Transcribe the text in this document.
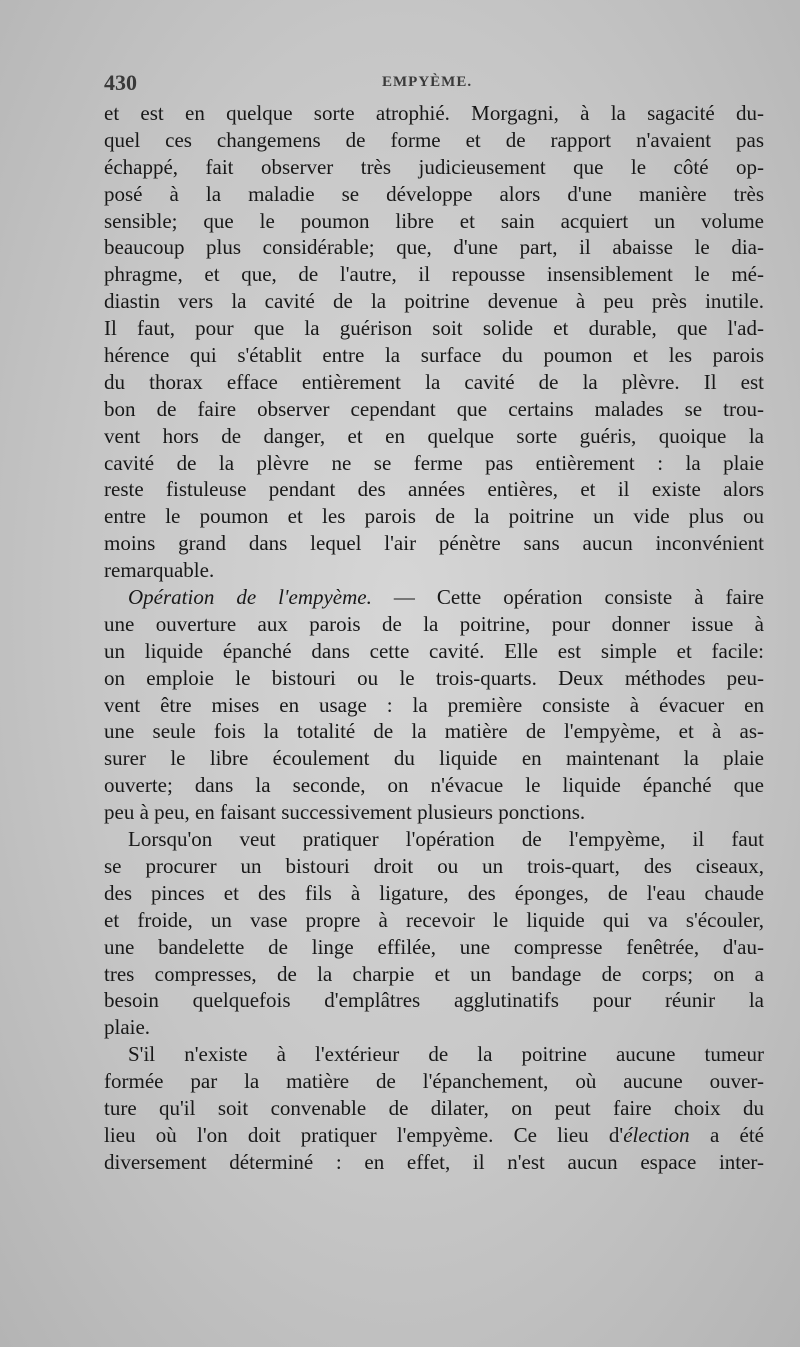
430	EMPYÈME.
et est en quelque sorte atrophié. Morgagni, à la sagacité du-
quel ces changemens de forme et de rapport n'avaient pas
échappé, fait observer très judicieusement que le côté op-
posé à la maladie se développe alors d'une manière très
sensible; que le poumon libre et sain acquiert un volume
beaucoup plus considérable; que, d'une part, il abaisse le dia-
phragme, et que, de l'autre, il repousse insensiblement le mé-
diastin vers la cavité de la poitrine devenue à peu près inutile.
Il faut, pour que la guérison soit solide et durable, que l'ad-
hérence qui s'établit entre la surface du poumon et les parois
du thorax efface entièrement la cavité de la plèvre. Il est
bon de faire observer cependant que certains malades se trou-
vent hors de danger, et en quelque sorte guéris, quoique la
cavité de la plèvre ne se ferme pas entièrement : la plaie
reste fistuleuse pendant des années entières, et il existe alors
entre le poumon et les parois de la poitrine un vide plus ou
moins grand dans lequel l'air pénètre sans aucun inconvénient
remarquable.
Opération de l'empyème. — Cette opération consiste à faire
une ouverture aux parois de la poitrine, pour donner issue à
un liquide épanché dans cette cavité. Elle est simple et facile:
on emploie le bistouri ou le trois-quarts. Deux méthodes peu-
vent être mises en usage : la première consiste à évacuer en
une seule fois la totalité de la matière de l'empyème, et à as-
surer le libre écoulement du liquide en maintenant la plaie
ouverte; dans la seconde, on n'évacue le liquide épanché que
peu à peu, en faisant successivement plusieurs ponctions.
Lorsqu'on veut pratiquer l'opération de l'empyème, il faut
se procurer un bistouri droit ou un trois-quart, des ciseaux,
des pinces et des fils à ligature, des éponges, de l'eau chaude
et froide, un vase propre à recevoir le liquide qui va s'écouler,
une bandelette de linge effilée, une compresse fenêtrée, d'au-
tres compresses, de la charpie et un bandage de corps; on a
besoin quelquefois d'emplâtres agglutinatifs pour réunir la
plaie.
S'il n'existe à l'extérieur de la poitrine aucune tumeur
formée par la matière de l'épanchement, où aucune ouver-
ture qu'il soit convenable de dilater, on peut faire choix du
lieu où l'on doit pratiquer l'empyème. Ce lieu d'élection a été
diversement déterminé : en effet, il n'est aucun espace inter-
